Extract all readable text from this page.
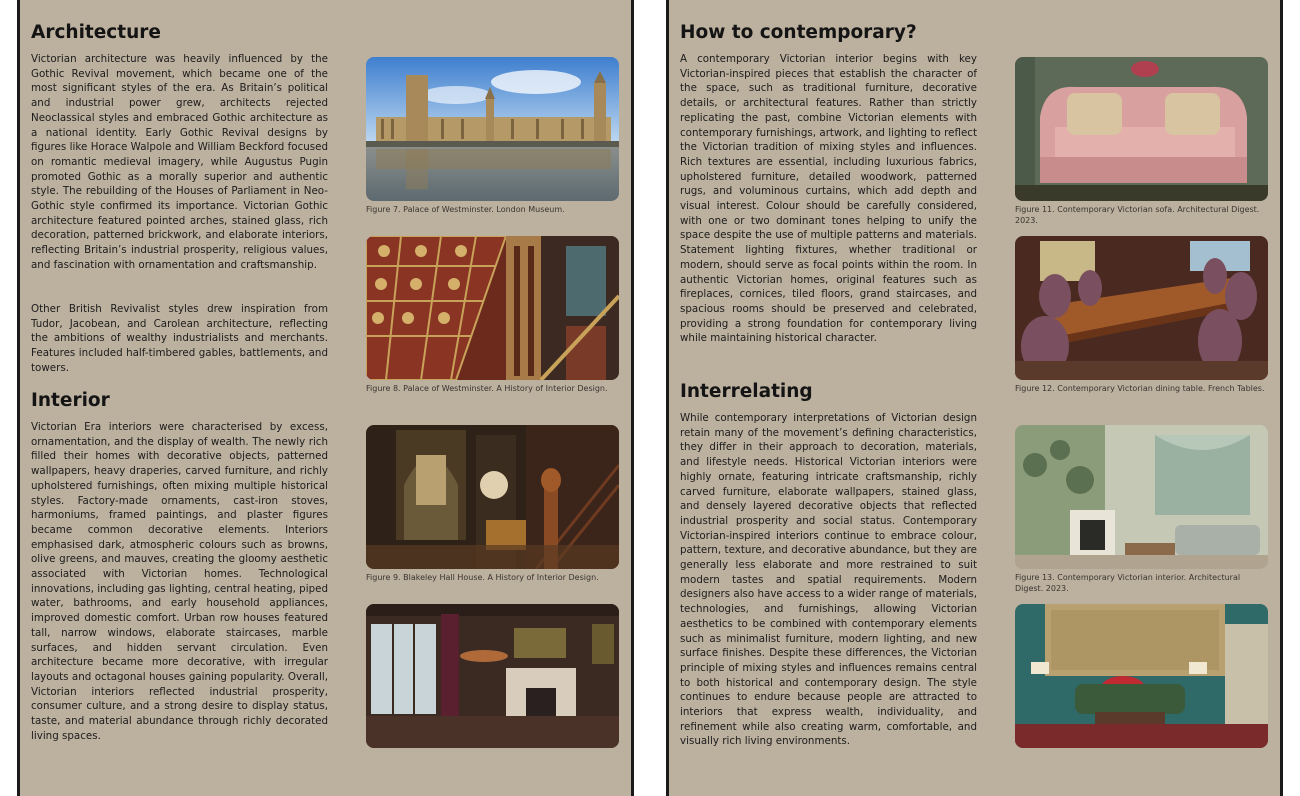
Architecture

Victorian architecture was heavily influenced by the Gothic Revival movement, which became one of the most significant styles of the era. As Britain’s political and industrial power grew, architects rejected Neoclassical styles and embraced Gothic architecture as a national identity. Early Gothic Revival designs by figures like Horace Walpole and William Beckford focused on romantic medieval imagery, while Augustus Pugin promoted Gothic as a morally superior and authentic style. The rebuilding of the Houses of Parliament in Neo-Gothic style confirmed its importance. Victorian Gothic architecture featured pointed arches, stained glass, rich decoration, patterned brickwork, and elaborate interiors, reflecting Britain’s industrial prosperity, religious values, and fascination with ornamentation and craftsmanship.

Other British Revivalist styles drew inspiration from Tudor, Jacobean, and Carolean architecture, reflecting the ambitions of wealthy industrialists and merchants. Features included half-timbered gables, battlements, and towers.

Interior

Victorian Era interiors were characterised by excess, ornamentation, and the display of wealth. The newly rich filled their homes with decorative objects, patterned wallpapers, heavy draperies, carved furniture, and richly upholstered furnishings, often mixing multiple historical styles. Factory-made ornaments, cast-iron stoves, harmoniums, framed paintings, and plaster figures became common decorative elements. Interiors emphasised dark, atmospheric colours such as browns, olive greens, and mauves, creating the gloomy aesthetic associated with Victorian homes. Technological innovations, including gas lighting, central heating, piped water, bathrooms, and early household appliances, improved domestic comfort. Urban row houses featured tall, narrow windows, elaborate staircases, marble surfaces, and hidden servant circulation. Even architecture became more decorative, with irregular layouts and octagonal houses gaining popularity. Overall, Victorian interiors reflected industrial prosperity, consumer culture, and a strong desire to display status, taste, and material abundance through richly decorated living spaces.

Figure 7. Palace of Westminster. London Museum.
Figure 8. Palace of Westminster. A History of Interior Design.
Figure 9. Blakeley Hall House. A History of Interior Design.
How to contemporary?

A contemporary Victorian interior begins with key Victorian-inspired pieces that establish the character of the space, such as traditional furniture, decorative details, or architectural features. Rather than strictly replicating the past, combine Victorian elements with contemporary furnishings, artwork, and lighting to reflect the Victorian tradition of mixing styles and influences. Rich textures are essential, including luxurious fabrics, upholstered furniture, detailed woodwork, patterned rugs, and voluminous curtains, which add depth and visual interest. Colour should be carefully considered, with one or two dominant tones helping to unify the space despite the use of multiple patterns and materials. Statement lighting fixtures, whether traditional or modern, should serve as focal points within the room. In authentic Victorian homes, original features such as fireplaces, cornices, tiled floors, grand staircases, and spacious rooms should be preserved and celebrated, providing a strong foundation for contemporary living while maintaining historical character.

Interrelating

While contemporary interpretations of Victorian design retain many of the movement’s defining characteristics, they differ in their approach to decoration, materials, and lifestyle needs. Historical Victorian interiors were highly ornate, featuring intricate craftsmanship, richly carved furniture, elaborate wallpapers, stained glass, and densely layered decorative objects that reflected industrial prosperity and social status. Contemporary Victorian-inspired interiors continue to embrace colour, pattern, texture, and decorative abundance, but they are generally less elaborate and more restrained to suit modern tastes and spatial requirements. Modern designers also have access to a wider range of materials, technologies, and furnishings, allowing Victorian aesthetics to be combined with contemporary elements such as minimalist furniture, modern lighting, and new surface finishes. Despite these differences, the Victorian principle of mixing styles and influences remains central to both historical and contemporary design. The style continues to endure because people are attracted to interiors that express wealth, individuality, and refinement while also creating warm, comfortable, and visually rich living environments.

Figure 11. Contemporary Victorian sofa. Architectural Digest. 2023.
Figure 12. Contemporary Victorian dining table. French Tables.
Figure 13. Contemporary Victorian interior. Architectural Digest. 2023.
